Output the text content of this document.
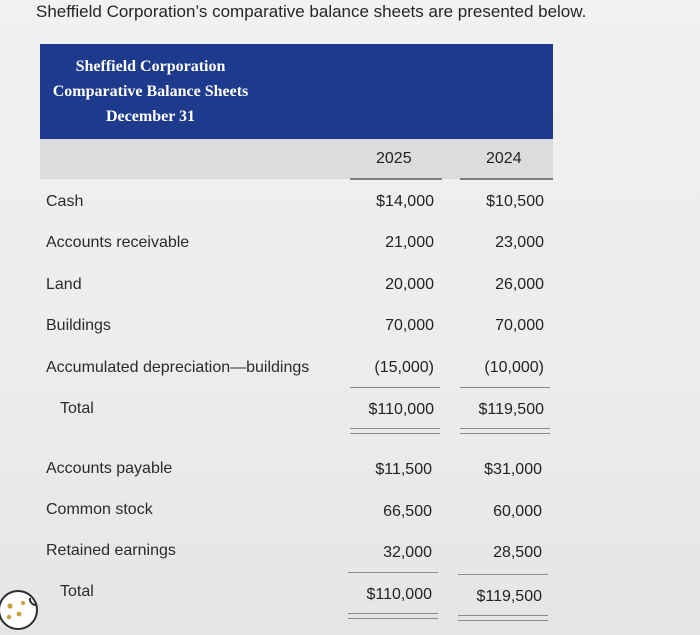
Sheffield Corporation’s comparative balance sheets are presented below.
Sheffield Corporation
Comparative Balance Sheets
December 31
2025	2024
Cash	$14,000	$10,500
Accounts receivable	21,000	23,000
Land	20,000	26,000
Buildings	70,000	70,000
Accumulated depreciation—buildings	(15,000)	(10,000)
Total	$110,000	$119,500
Accounts payable	$11,500	$31,000
Common stock	66,500	60,000
Retained earnings	32,000	28,500
Total	$110,000	$119,500
